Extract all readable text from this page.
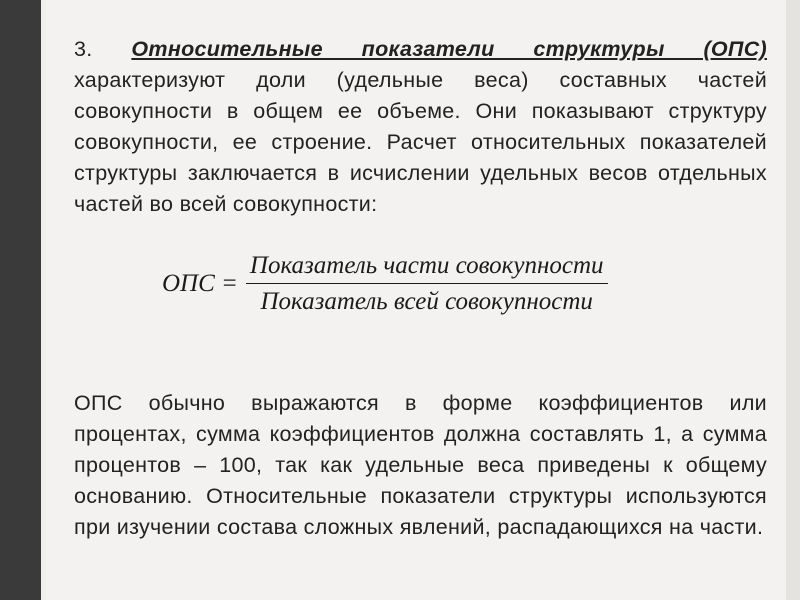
3. Относительные показатели структуры (ОПС) характеризуют доли (удельные веса) составных частей совокупности в общем ее объеме. Они показывают структуру совокупности, ее строение. Расчет относительных показателей структуры заключается в исчислении удельных весов отдельных частей во всей совокупности:
ОПС = $\frac{\text{Показатель части совокупности}}{\text{Показатель всей совокупности}}$
ОПС обычно выражаются в форме коэффициентов или процентах, сумма коэффициентов должна составлять 1, а сумма процентов – 100, так как удельные веса приведены к общему основанию. Относительные показатели структуры используются при изучении состава сложных явлений, распадающихся на части.
